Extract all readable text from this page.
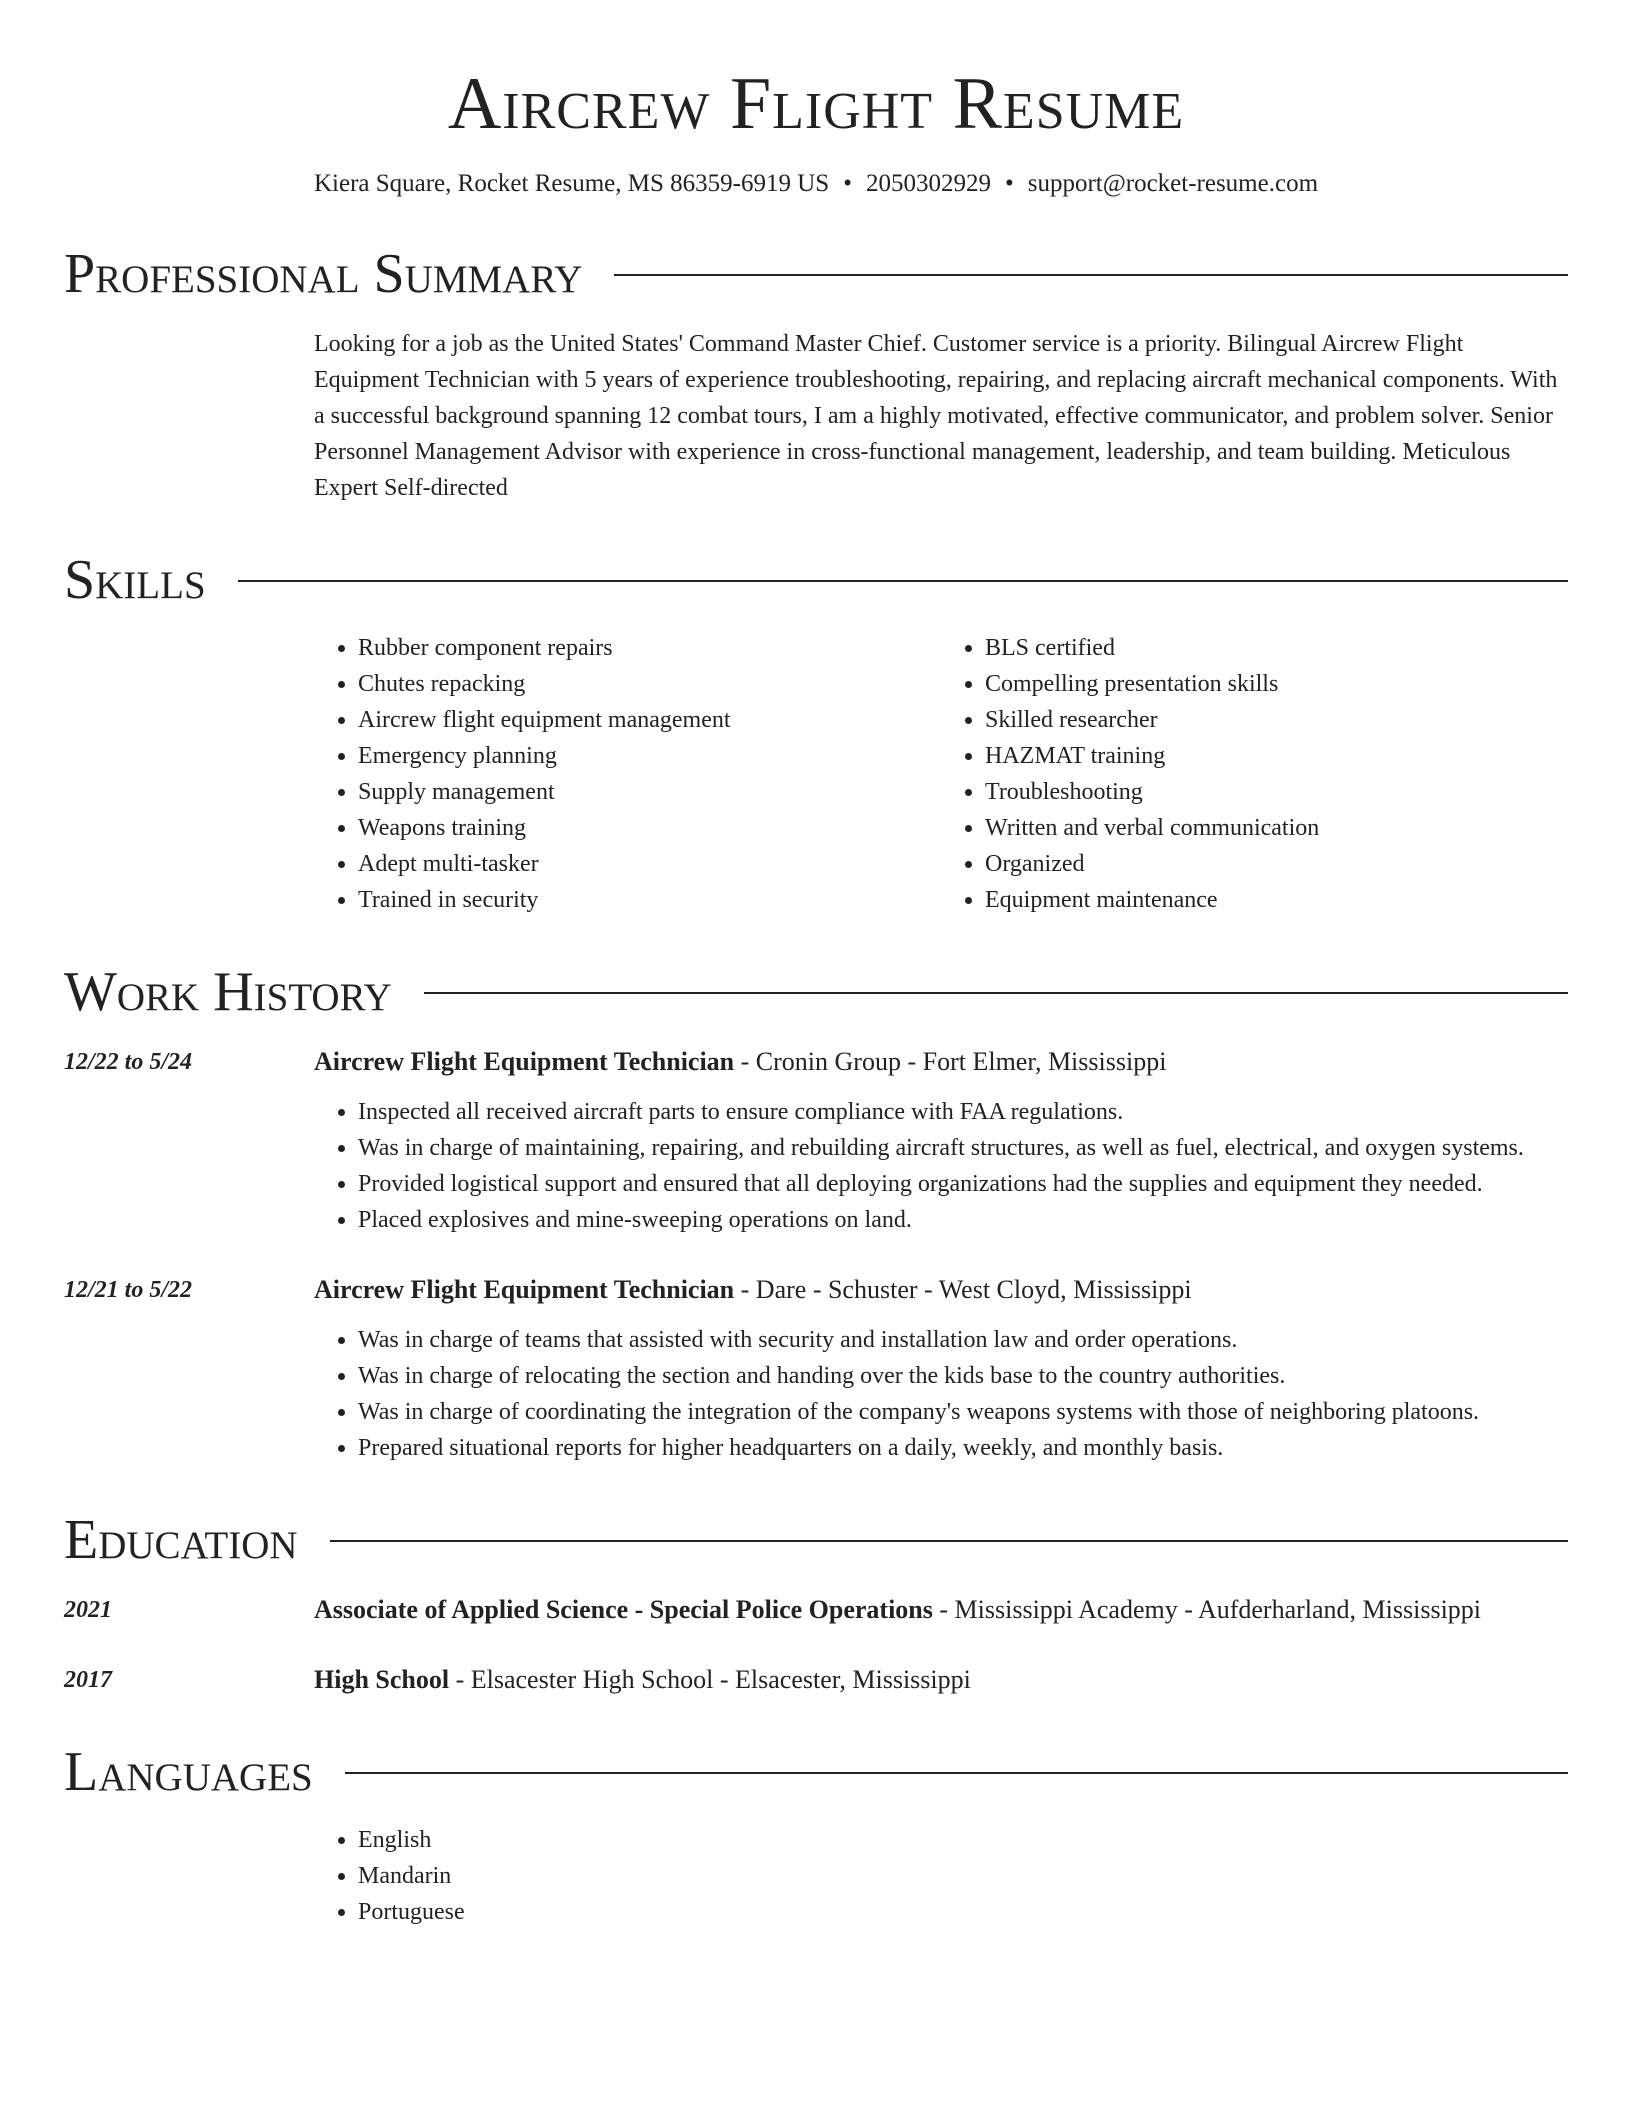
Aircrew Flight Resume
Kiera Square, Rocket Resume, MS 86359-6919 US • 2050302929 • support@rocket-resume.com
Professional Summary
Looking for a job as the United States' Command Master Chief. Customer service is a priority. Bilingual Aircrew Flight Equipment Technician with 5 years of experience troubleshooting, repairing, and replacing aircraft mechanical components. With a successful background spanning 12 combat tours, I am a highly motivated, effective communicator, and problem solver. Senior Personnel Management Advisor with experience in cross-functional management, leadership, and team building. Meticulous Expert Self-directed
Skills
• Rubber component repairs
• Chutes repacking
• Aircrew flight equipment management
• Emergency planning
• Supply management
• Weapons training
• Adept multi-tasker
• Trained in security
• BLS certified
• Compelling presentation skills
• Skilled researcher
• HAZMAT training
• Troubleshooting
• Written and verbal communication
• Organized
• Equipment maintenance
Work History
12/22 to 5/24	Aircrew Flight Equipment Technician - Cronin Group - Fort Elmer, Mississippi
• Inspected all received aircraft parts to ensure compliance with FAA regulations.
• Was in charge of maintaining, repairing, and rebuilding aircraft structures, as well as fuel, electrical, and oxygen systems.
• Provided logistical support and ensured that all deploying organizations had the supplies and equipment they needed.
• Placed explosives and mine-sweeping operations on land.
12/21 to 5/22	Aircrew Flight Equipment Technician - Dare - Schuster - West Cloyd, Mississippi
• Was in charge of teams that assisted with security and installation law and order operations.
• Was in charge of relocating the section and handing over the kids base to the country authorities.
• Was in charge of coordinating the integration of the company's weapons systems with those of neighboring platoons.
• Prepared situational reports for higher headquarters on a daily, weekly, and monthly basis.
Education
2021	Associate of Applied Science - Special Police Operations - Mississippi Academy - Aufderharland, Mississippi
2017	High School - Elsacester High School - Elsacester, Mississippi
Languages
• English
• Mandarin
• Portuguese
